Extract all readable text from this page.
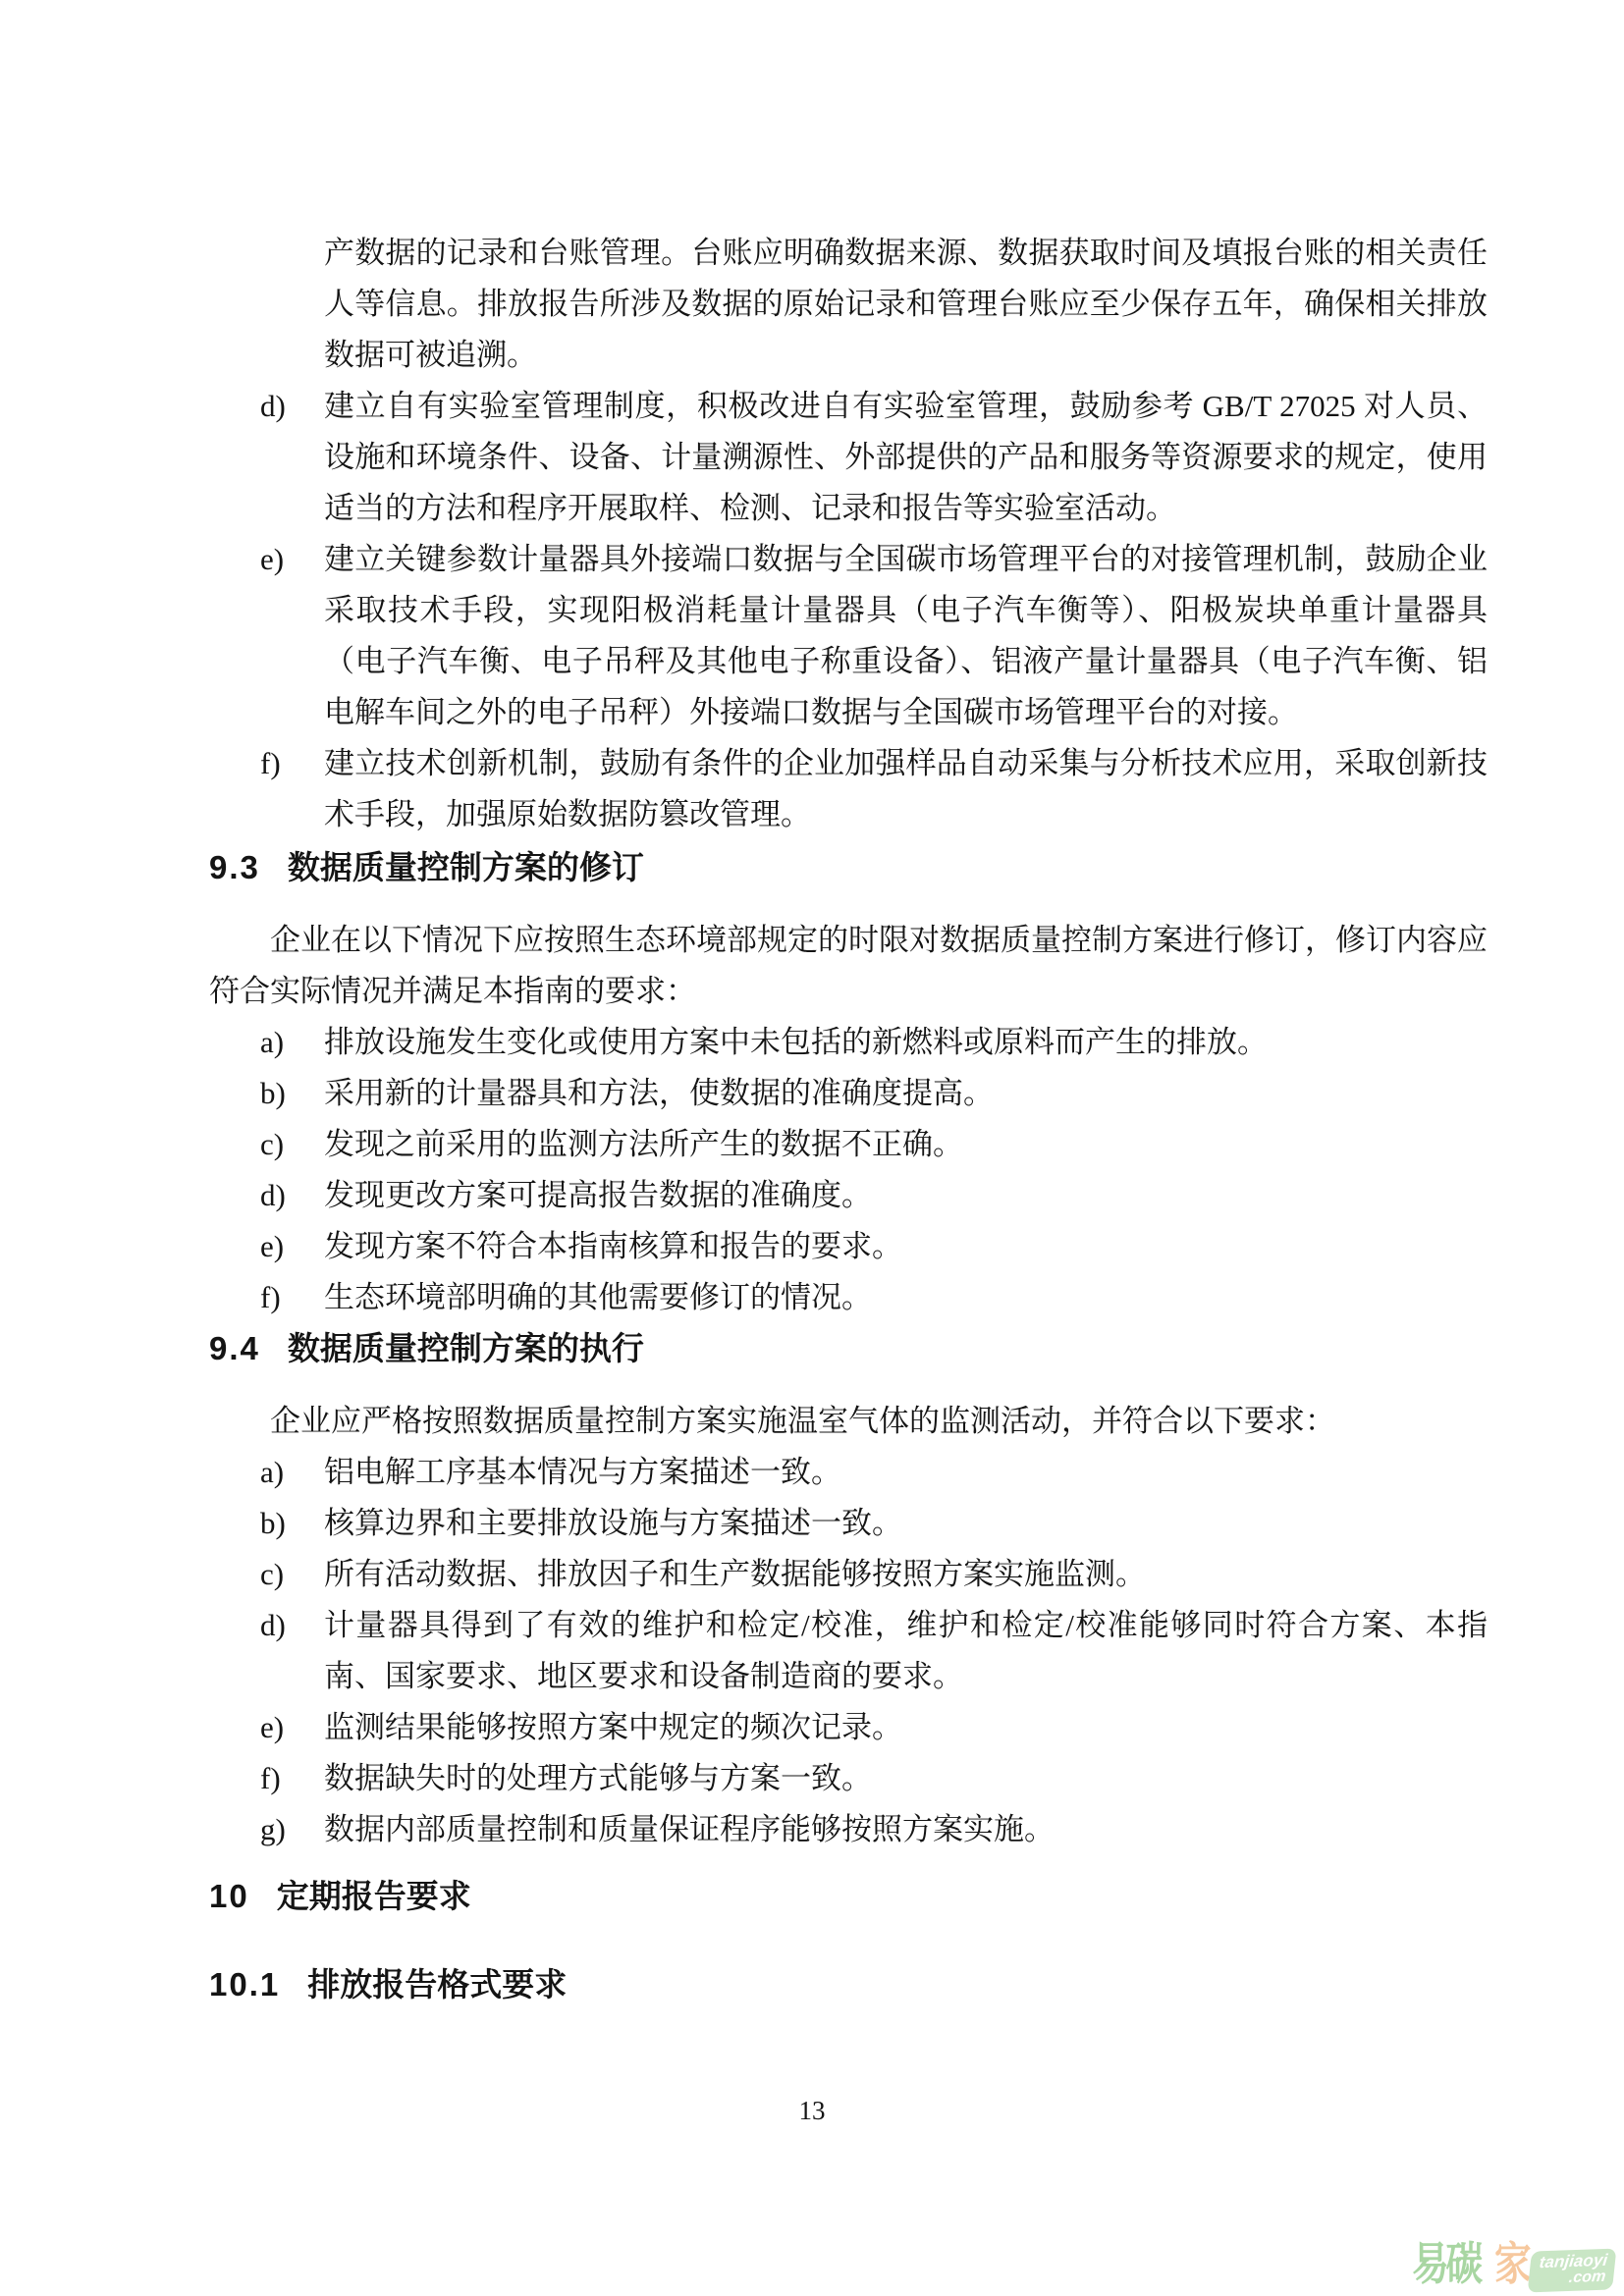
产数据的记录和台账管理。台账应明确数据来源、数据获取时间及填报台账的相关责任人等信息。排放报告所涉及数据的原始记录和管理台账应至少保存五年，确保相关排放数据可被追溯。

d) 建立自有实验室管理制度，积极改进自有实验室管理，鼓励参考 GB/T 27025 对人员、设施和环境条件、设备、计量溯源性、外部提供的产品和服务等资源要求的规定，使用适当的方法和程序开展取样、检测、记录和报告等实验室活动。
e) 建立关键参数计量器具外接端口数据与全国碳市场管理平台的对接管理机制，鼓励企业采取技术手段，实现阳极消耗量计量器具（电子汽车衡等）、阳极炭块单重计量器具（电子汽车衡、电子吊秤及其他电子称重设备）、铝液产量计量器具（电子汽车衡、铝电解车间之外的电子吊秤）外接端口数据与全国碳市场管理平台的对接。
f) 建立技术创新机制，鼓励有条件的企业加强样品自动采集与分析技术应用，采取创新技术手段，加强原始数据防篡改管理。
9.3 数据质量控制方案的修订

企业在以下情况下应按照生态环境部规定的时限对数据质量控制方案进行修订，修订内容应符合实际情况并满足本指南的要求：

a) 排放设施发生变化或使用方案中未包括的新燃料或原料而产生的排放。
b) 采用新的计量器具和方法，使数据的准确度提高。
c) 发现之前采用的监测方法所产生的数据不正确。
d) 发现更改方案可提高报告数据的准确度。
e) 发现方案不符合本指南核算和报告的要求。
f) 生态环境部明确的其他需要修订的情况。
9.4 数据质量控制方案的执行

企业应严格按照数据质量控制方案实施温室气体的监测活动，并符合以下要求：

a) 铝电解工序基本情况与方案描述一致。
b) 核算边界和主要排放设施与方案描述一致。
c) 所有活动数据、排放因子和生产数据能够按照方案实施监测。
d) 计量器具得到了有效的维护和检定/校准，维护和检定/校准能够同时符合方案、本指南、国家要求、地区要求和设备制造商的要求。
e) 监测结果能够按照方案中规定的频次记录。
f) 数据缺失时的处理方式能够与方案一致。
g) 数据内部质量控制和质量保证程序能够按照方案实施。
10 定期报告要求
10.1 排放报告格式要求
13
易碳 家 tanjiaoyi
.com
